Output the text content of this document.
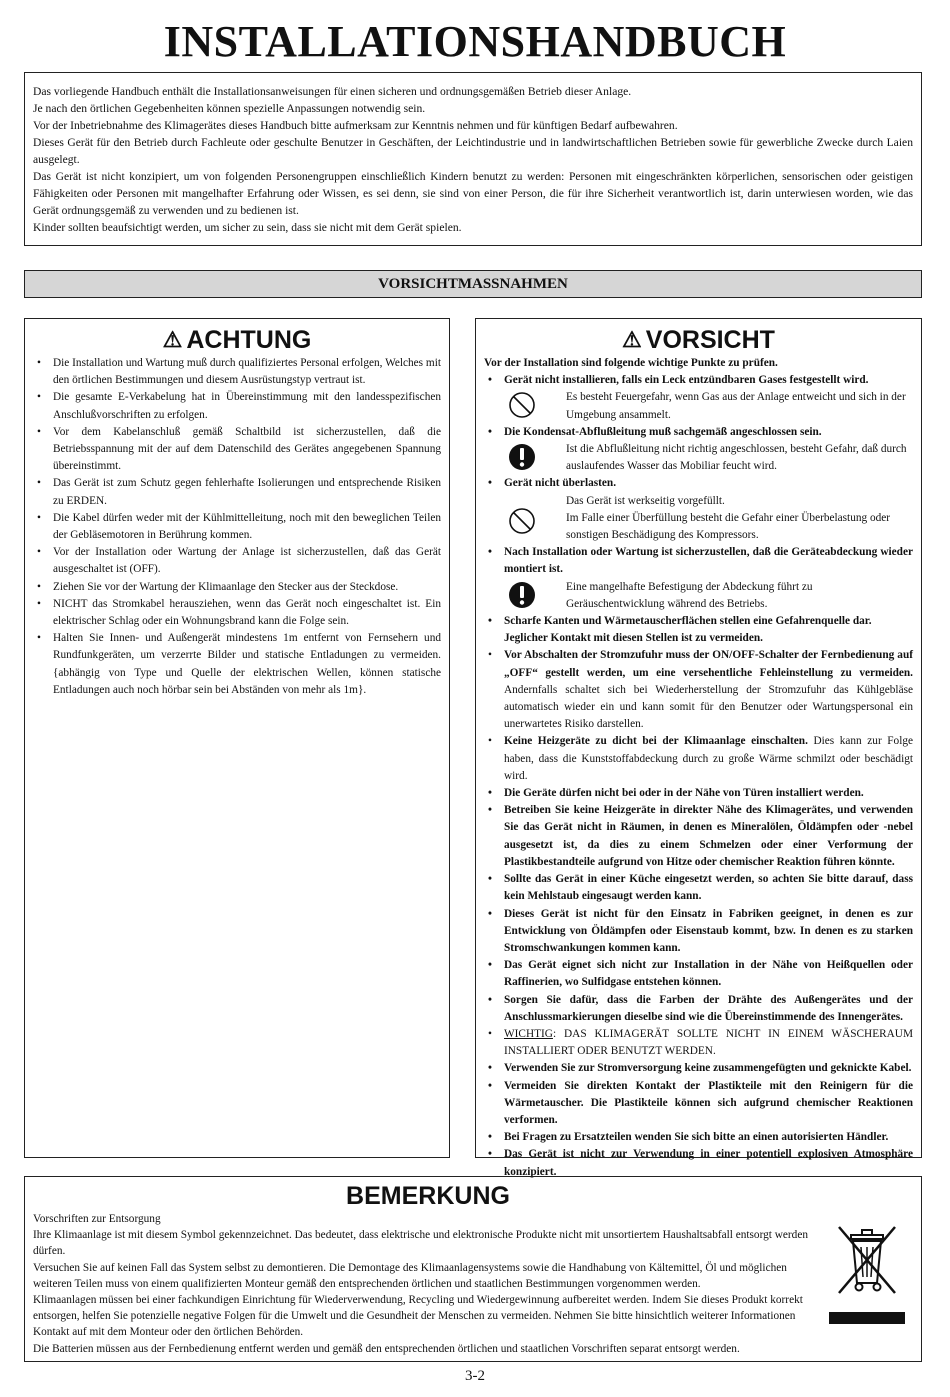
INSTALLATIONSHANDBUCH

Das vorliegende Handbuch enthält die Installationsanweisungen für einen sicheren und ordnungsgemäßen Betrieb dieser Anlage.

Je nach den örtlichen Gegebenheiten können spezielle Anpassungen notwendig sein.

Vor der Inbetriebnahme des Klimagerätes dieses Handbuch bitte aufmerksam zur Kenntnis nehmen und für künftigen Bedarf aufbewahren.

Dieses Gerät für den Betrieb durch Fachleute oder geschulte Benutzer in Geschäften, der Leichtindustrie und in landwirtschaftlichen Betrieben sowie für gewerbliche Zwecke durch Laien ausgelegt.

Das Gerät ist nicht konzipiert, um von folgenden Personengruppen einschließlich Kindern benutzt zu werden: Personen mit eingeschränkten körperlichen, sensorischen oder geistigen Fähigkeiten oder Personen mit mangelhafter Erfahrung oder Wissen, es sei denn, sie sind von einer Person, die für ihre Sicherheit verantwortlich ist, darin unterwiesen worden, wie das Gerät ordnungsgemäß zu verwenden und zu bedienen ist.

Kinder sollten beaufsichtigt werden, um sicher zu sein, dass sie nicht mit dem Gerät spielen.

VORSICHTMASSNAHMEN
⚠ ACHTUNG
• Die Installation und Wartung muß durch qualifiziertes Personal erfolgen, Welches mit den örtlichen Bestimmungen und diesem Ausrüstungstyp vertraut ist.
• Die gesamte E-Verkabelung hat in Übereinstimmung mit den landesspezifischen Anschlußvorschriften zu erfolgen.
• Vor dem Kabelanschluß gemäß Schaltbild ist sicherzustellen, daß die Betriebsspannung mit der auf dem Datenschild des Gerätes angegebenen Spannung übereinstimmt.
• Das Gerät ist zum Schutz gegen fehlerhafte Isolierungen und entsprechende Risiken zu ERDEN.
• Die Kabel dürfen weder mit der Kühlmittelleitung, noch mit den beweglichen Teilen der Gebläsemotoren in Berührung kommen.
• Vor der Installation oder Wartung der Anlage ist sicherzustellen, daß das Gerät ausgeschaltet ist (OFF).
• Ziehen Sie vor der Wartung der Klimaanlage den Stecker aus der Steckdose.
• NICHT das Stromkabel herausziehen, wenn das Gerät noch eingeschaltet ist. Ein elektrischer Schlag oder ein Wohnungsbrand kann die Folge sein.
• Halten Sie Innen- und Außengerät mindestens 1m entfernt von Fernsehern und Rundfunkgeräten, um verzerrte Bilder und statische Entladungen zu vermeiden. {abhängig von Type und Quelle der elektrischen Wellen, können statische Entladungen auch noch hörbar sein bei Abständen von mehr als 1m}.
⚠ VORSICHT

Vor der Installation sind folgende wichtige Punkte zu prüfen.

• Gerät nicht installieren, falls ein Leck entzündbaren Gases festgestellt wird.

Es besteht Feuergefahr, wenn Gas aus der Anlage entweicht und sich in der Umgebung ansammelt.

• Die Kondensat-Abflußleitung muß sachgemäß angeschlossen sein.

Ist die Abflußleitung nicht richtig angeschlossen, besteht Gefahr, daß durch auslaufendes Wasser das Mobiliar feucht wird.

• Gerät nicht überlasten.

Das Gerät ist werkseitig vorgefüllt.

Im Falle einer Überfüllung besteht die Gefahr einer Überbelastung oder sonstigen Beschädigung des Kompressors.

• Nach Installation oder Wartung ist sicherzustellen, daß die Geräteabdeckung wieder montiert ist.

Eine mangelhafte Befestigung der Abdeckung führt zu Geräuschentwicklung während des Betriebs.

• Scharfe Kanten und Wärmetauscherflächen stellen eine Gefahrenquelle dar.
Jeglicher Kontakt mit diesen Stellen ist zu vermeiden.
• Vor Abschalten der Stromzufuhr muss der ON/OFF-Schalter der Fernbedienung auf „OFF“ gestellt werden, um eine versehentliche Fehleinstellung zu vermeiden. Andernfalls schaltet sich bei Wiederherstellung der Stromzufuhr das Kühlgebläse automatisch wieder ein und kann somit für den Benutzer oder Wartungspersonal ein unerwartetes Risiko darstellen.
• Keine Heizgeräte zu dicht bei der Klimaanlage einschalten. Dies kann zur Folge haben, dass die Kunststoffabdeckung durch zu große Wärme schmilzt oder beschädigt wird.
• Die Geräte dürfen nicht bei oder in der Nähe von Türen installiert werden.
• Betreiben Sie keine Heizgeräte in direkter Nähe des Klimagerätes, und verwenden Sie das Gerät nicht in Räumen, in denen es Mineralölen, Öldämpfen oder -nebel ausgesetzt ist, da dies zu einem Schmelzen oder einer Verformung der Plastikbestandteile aufgrund von Hitze oder chemischer Reaktion führen könnte.
• Sollte das Gerät in einer Küche eingesetzt werden, so achten Sie bitte darauf, dass kein Mehlstaub eingesaugt werden kann.
• Dieses Gerät ist nicht für den Einsatz in Fabriken geeignet, in denen es zur Entwicklung von Öldämpfen oder Eisenstaub kommt, bzw. In denen es zu starken Stromschwankungen kommen kann.
• Das Gerät eignet sich nicht zur Installation in der Nähe von Heißquellen oder Raffinerien, wo Sulfidgase entstehen können.
• Sorgen Sie dafür, dass die Farben der Drähte des Außengerätes und der Anschlussmarkierungen dieselbe sind wie die Übereinstimmende des Innengerätes.
• WICHTIG: DAS KLIMAGERÄT SOLLTE NICHT IN EINEM WÄSCHERAUM INSTALLIERT ODER BENUTZT WERDEN.
• Verwenden Sie zur Stromversorgung keine zusammengefügten und geknickte Kabel.
• Vermeiden Sie direkten Kontakt der Plastikteile mit den Reinigern für die Wärmetauscher. Die Plastikteile können sich aufgrund chemischer Reaktionen verformen.
• Bei Fragen zu Ersatzteilen wenden Sie sich bitte an einen autorisierten Händler.
• Das Gerät ist nicht zur Verwendung in einer potentiell explosiven Atmosphäre konzipiert.
BEMERKUNG

Vorschriften zur Entsorgung

Ihre Klimaanlage ist mit diesem Symbol gekennzeichnet. Das bedeutet, dass elektrische und elektronische Produkte nicht mit unsortiertem Haushaltsabfall entsorgt werden dürfen.

Versuchen Sie auf keinen Fall das System selbst zu demontieren. Die Demontage des Klimaanlagensystems sowie die Handhabung von Kältemittel, Öl und möglichen weiteren Teilen muss von einem qualifizierten Monteur gemäß den entsprechenden örtlichen und staatlichen Bestimmungen vorgenommen werden.

Klimaanlagen müssen bei einer fachkundigen Einrichtung für Wiederverwendung, Recycling und Wiedergewinnung aufbereitet werden. Indem Sie dieses Produkt korrekt entsorgen, helfen Sie potenzielle negative Folgen für die Umwelt und die Gesundheit der Menschen zu vermeiden. Nehmen Sie bitte hinsichtlich weiterer Informationen Kontakt auf mit dem Monteur oder den örtlichen Behörden.

Die Batterien müssen aus der Fernbedienung entfernt werden und gemäß den entsprechenden örtlichen und staatlichen Vorschriften separat entsorgt werden.

3-2
